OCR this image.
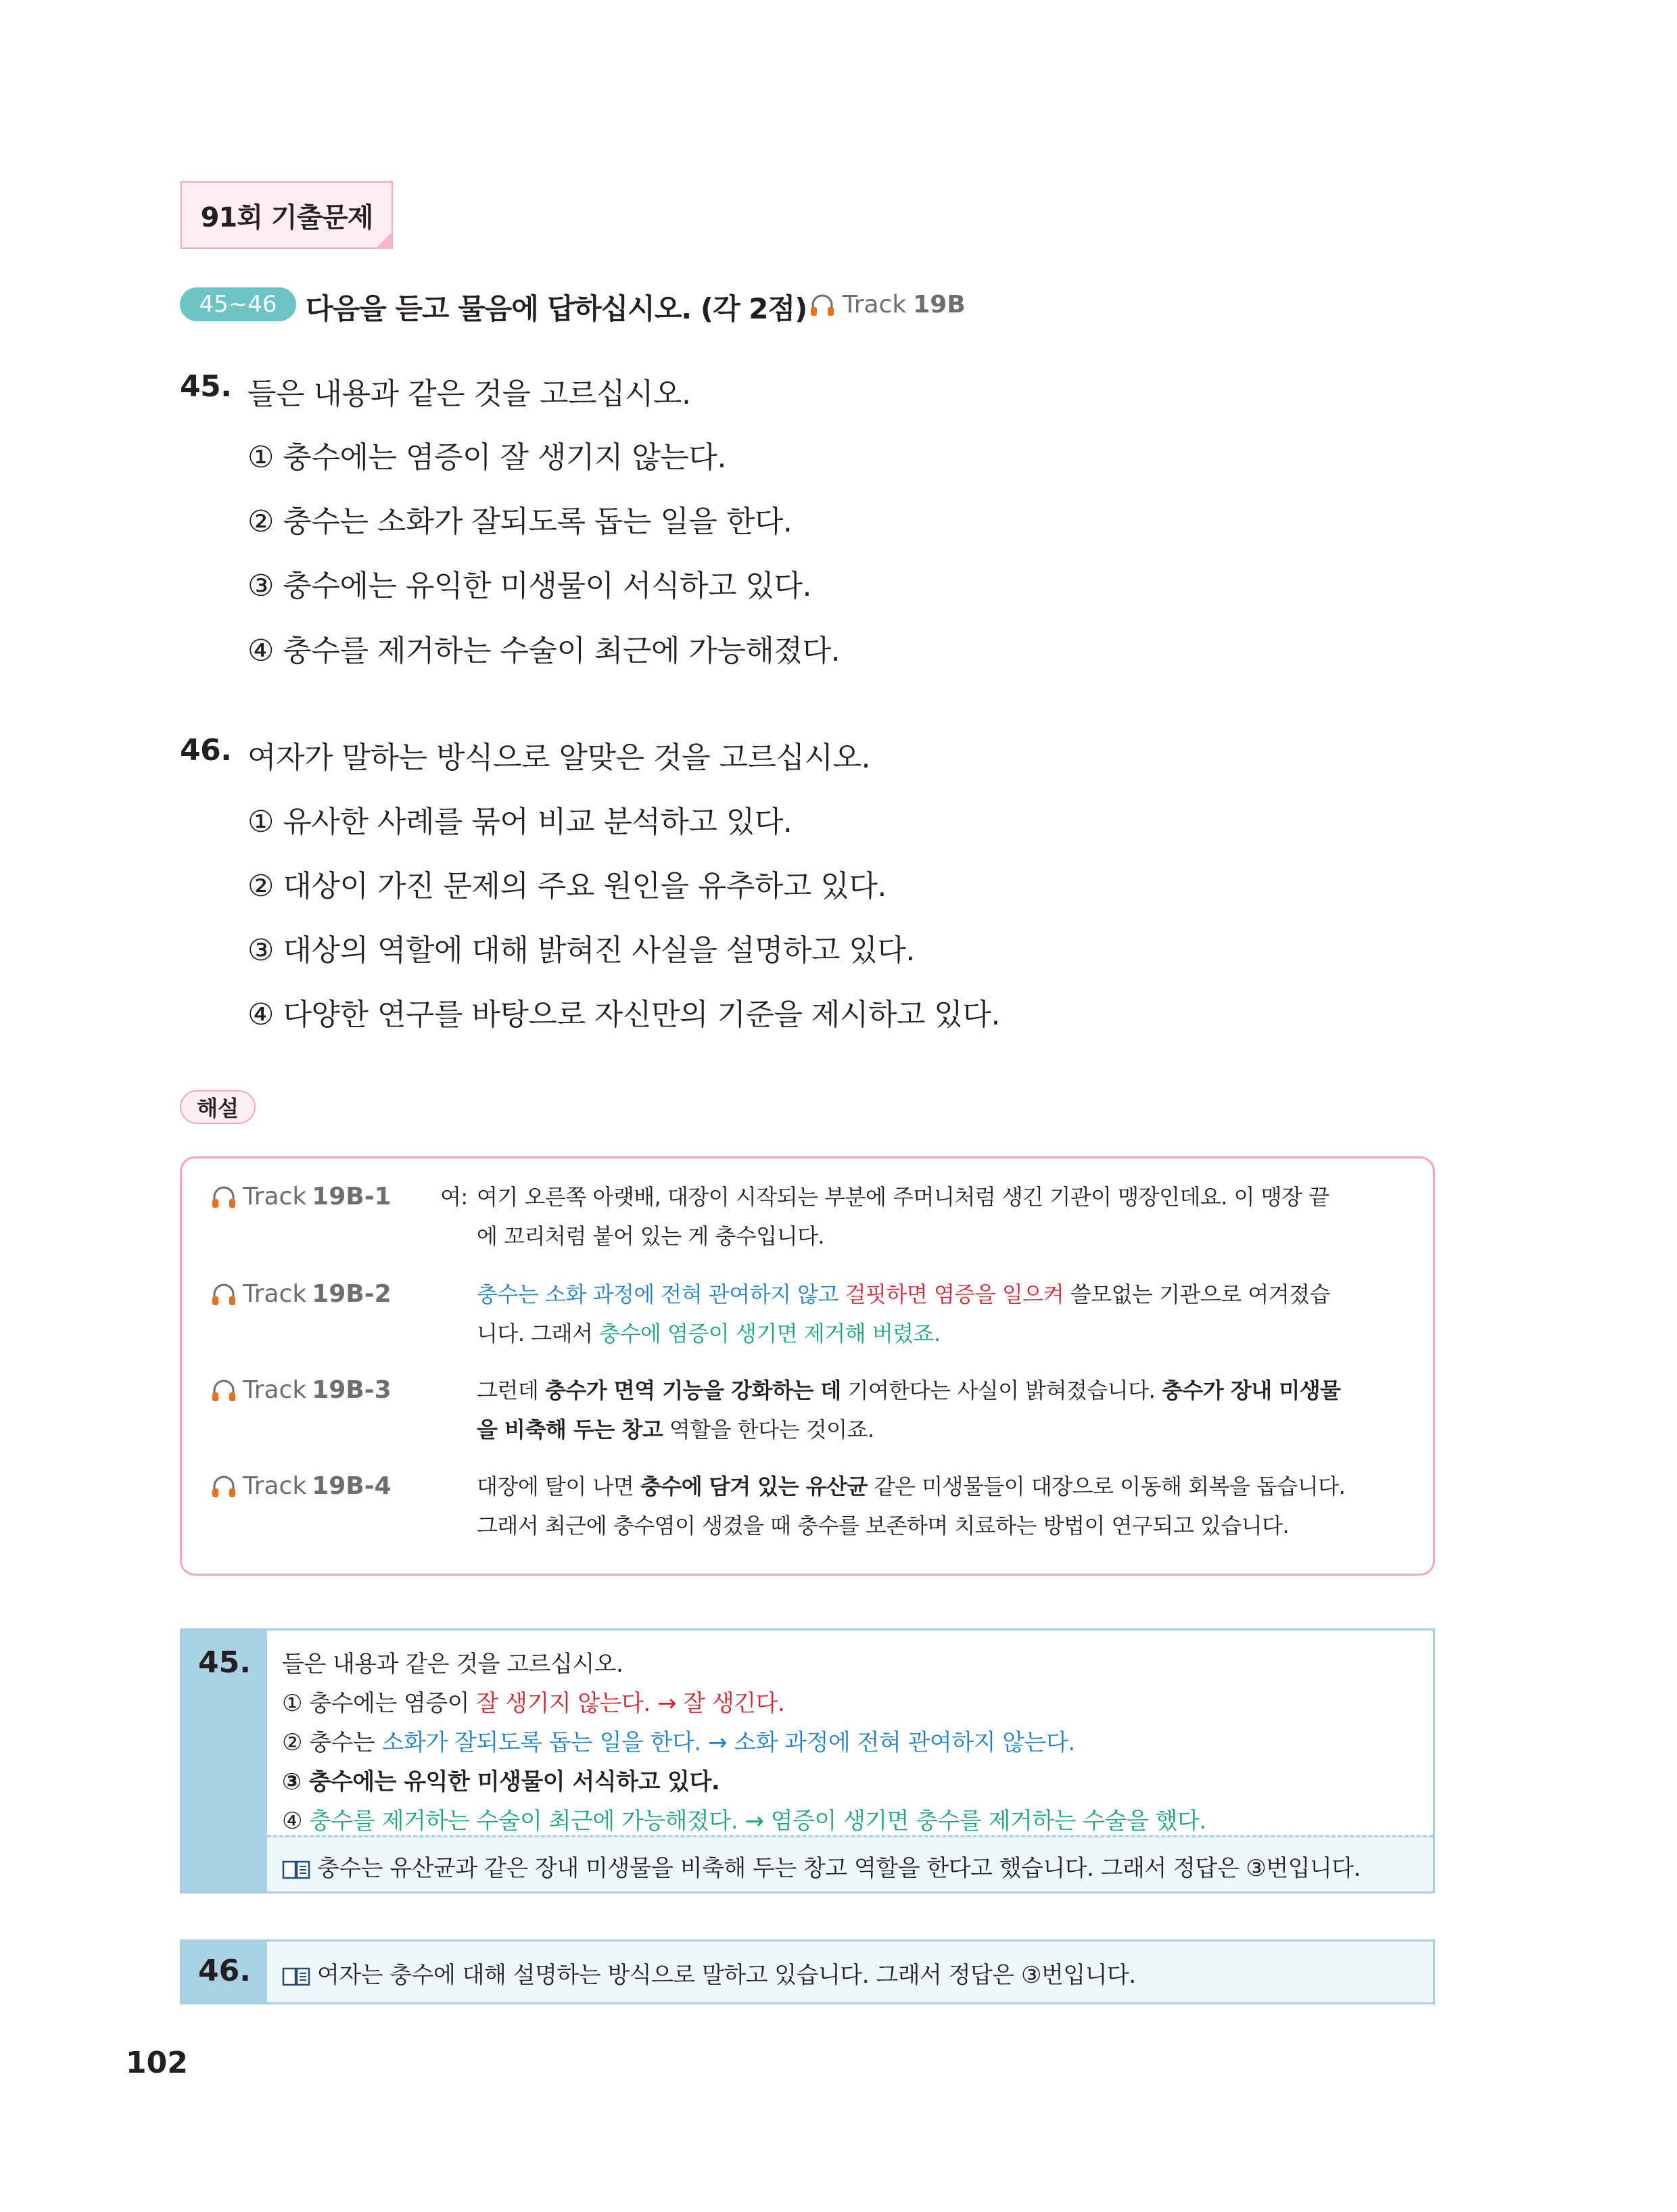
91회 기출문제
45~46	다음을 듣고 물음에 답하십시오. (각 2점) Track 19B
45. 들은 내용과 같은 것을 고르십시오.
① 충수에는 염증이 잘 생기지 않는다.
② 충수는 소화가 잘되도록 돕는 일을 한다.
③ 충수에는 유익한 미생물이 서식하고 있다.
④ 충수를 제거하는 수술이 최근에 가능해졌다.
46. 여자가 말하는 방식으로 알맞은 것을 고르십시오.
① 유사한 사례를 묶어 비교 분석하고 있다.
② 대상이 가진 문제의 주요 원인을 유추하고 있다.
③ 대상의 역할에 대해 밝혀진 사실을 설명하고 있다.
④ 다양한 연구를 바탕으로 자신만의 기준을 제시하고 있다.
해설
Track 19B-1 여: 여기 오른쪽 아랫배, 대장이 시작되는 부분에 주머니처럼 생긴 기관이 맹장인데요. 이 맹장 끝
에 꼬리처럼 붙어 있는 게 충수입니다.
Track 19B-2	충수는 소화 과정에 전혀 관여하지 않고 걸핏하면 염증을 일으켜 쓸모없는 기관으로 여겨졌습
니다. 그래서 충수에 염증이 생기면 제거해 버렸죠.
Track 19B-3	그런데 충수가 면역 기능을 강화하는 데 기여한다는 사실이 밝혀졌습니다. 충수가 장내 미생물
을 비축해 두는 창고 역할을 한다는 것이죠.
Track 19B-4	대장에 탈이 나면 충수에 담겨 있는 유산균 같은 미생물들이 대장으로 이동해 회복을 돕습니다.
그래서 최근에 충수염이 생겼을 때 충수를 보존하며 치료하는 방법이 연구되고 있습니다.
45.	들은 내용과 같은 것을 고르십시오.
① 충수에는 염증이 잘 생기지 않는다. → 잘 생긴다.
② 충수는 소화가 잘되도록 돕는 일을 한다. → 소화 과정에 전혀 관여하지 않는다.
③ 충수에는 유익한 미생물이 서식하고 있다.
④ 충수를 제거하는 수술이 최근에 가능해졌다. → 염증이 생기면 충수를 제거하는 수술을 했다.
충수는 유산균과 같은 장내 미생물을 비축해 두는 창고 역할을 한다고 했습니다. 그래서 정답은 ③번입니다.
46.	여자는 충수에 대해 설명하는 방식으로 말하고 있습니다. 그래서 정답은 ③번입니다.
102
